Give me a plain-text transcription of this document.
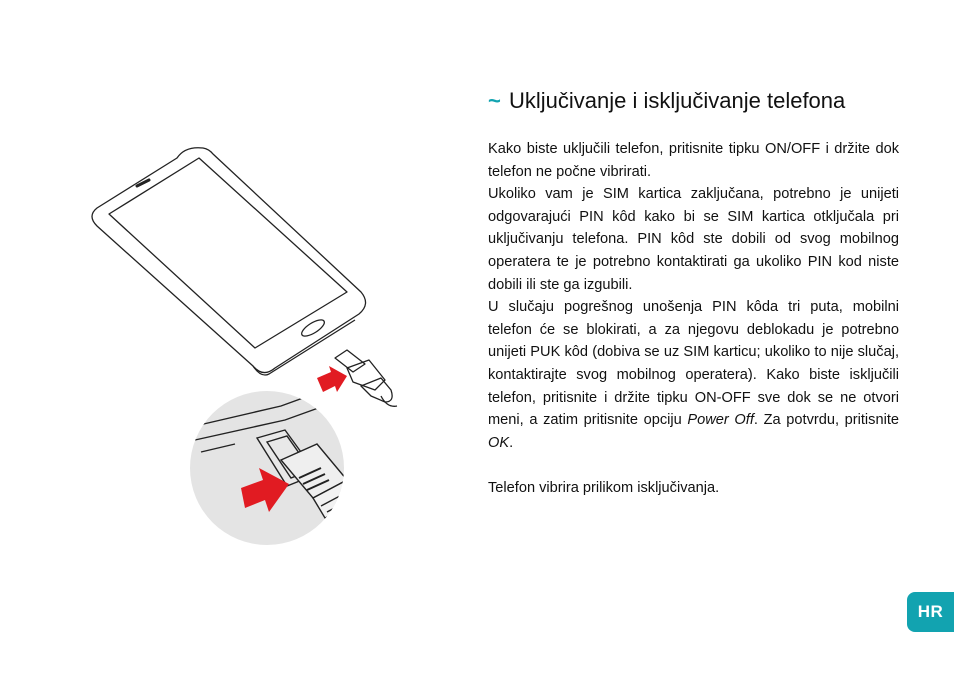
~ Uključivanje i isključivanje telefona

Kako biste uključili telefon, pritisnite tipku ON/OFF i držite dok telefon ne počne vibrirati.

Ukoliko vam je SIM kartica zaključana, potrebno je unijeti odgovarajući PIN kôd kako bi se SIM kartica otključala pri uključivanju telefona. PIN kôd ste dobili od svog mobilnog operatera te je potrebno kontaktirati ga ukoliko PIN kod niste dobili ili ste ga izgubili.

U slučaju pogrešnog unošenja PIN kôda tri puta, mobilni telefon će se blokirati, a za njegovu deblokadu je potrebno unijeti PUK kôd (dobiva se uz SIM karticu; ukoliko to nije slučaj, kontaktirajte svog mobilnog operatera). Kako biste isključili telefon, pritisnite i držite tipku ON-OFF sve dok se ne otvori meni, a zatim pritisnite opciju Power Off. Za potvrdu, pritisnite OK.

Telefon vibrira prilikom isključivanja.

HR
